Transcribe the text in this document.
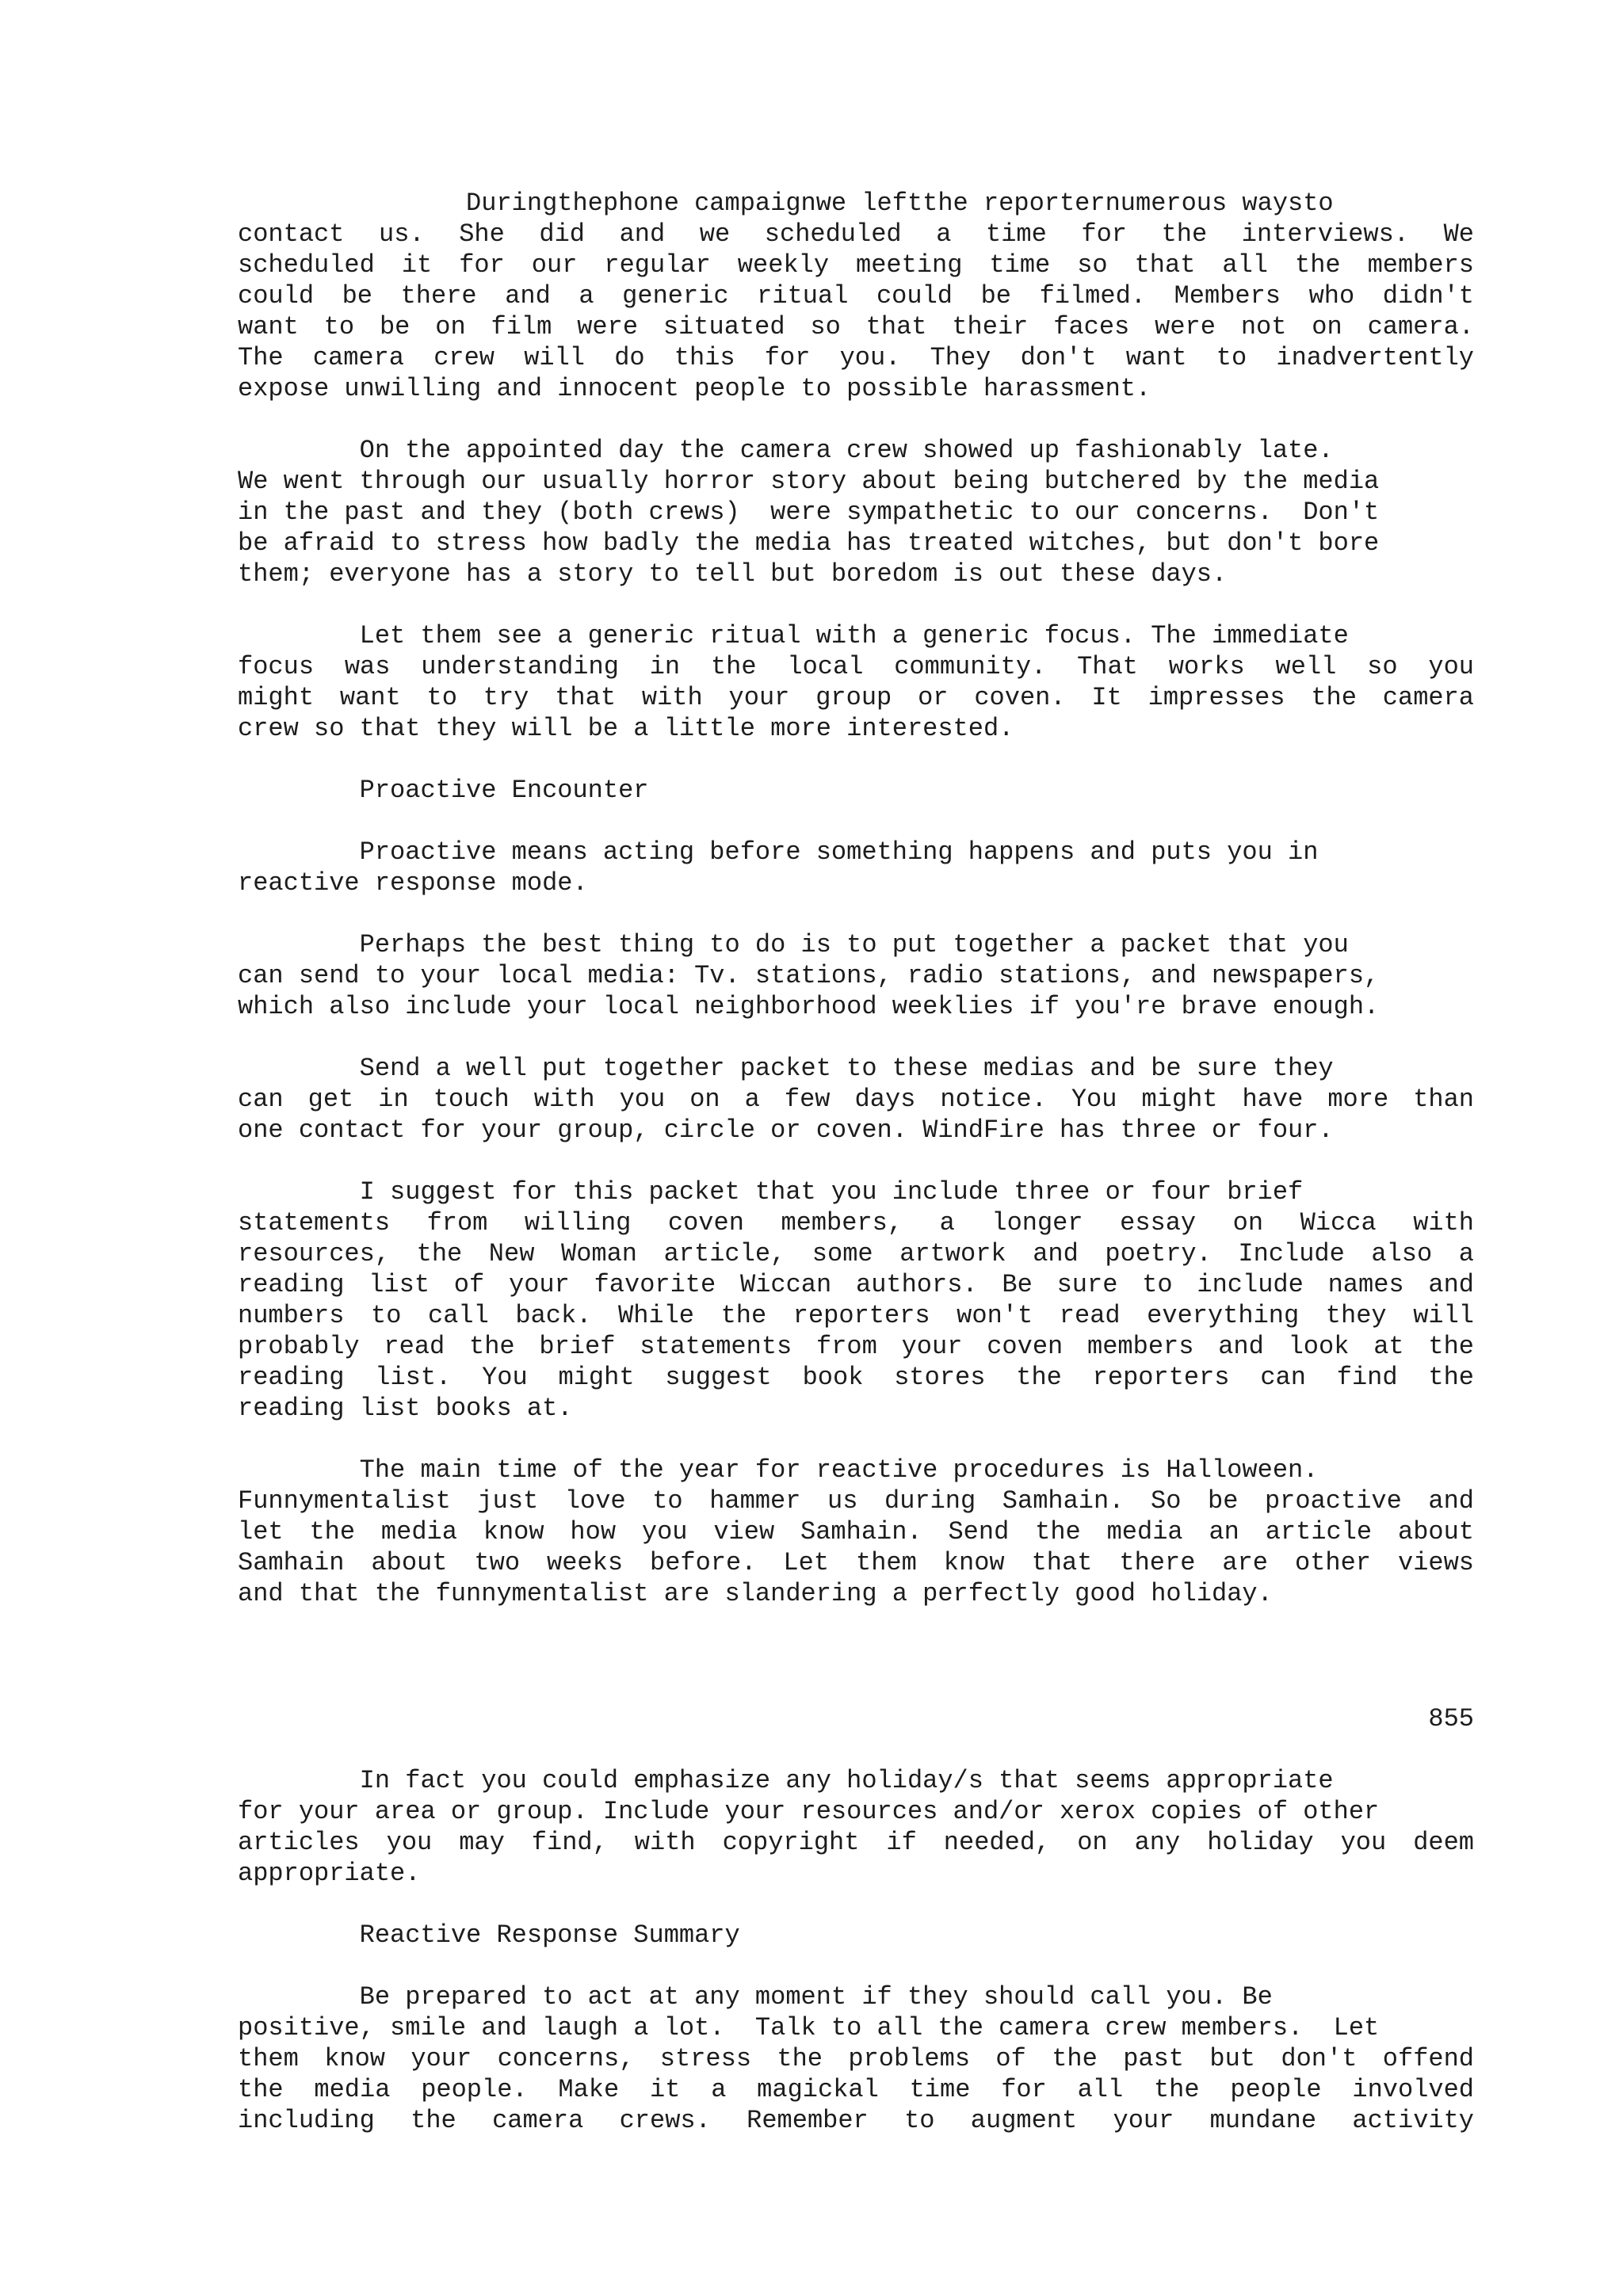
Duringthephone campaignwe leftthe reporternumerous waysto
contact us. She did and we scheduled a time for the interviews. We
scheduled it for our regular weekly meeting time so that all the members
could be there and a generic ritual could be filmed. Members who didn't
want to be on film were situated so that their faces were not on camera.
The camera crew will do this for you. They don't want to inadvertently
expose unwilling and innocent people to possible harassment.
On the appointed day the camera crew showed up fashionably late.
We went through our usually horror story about being butchered by the media
in the past and they (both crews)  were sympathetic to our concerns.  Don't
be afraid to stress how badly the media has treated witches, but don't bore
them; everyone has a story to tell but boredom is out these days.
Let them see a generic ritual with a generic focus. The immediate
focus was understanding in the local community. That works well so you
might want to try that with your group or coven. It impresses the camera
crew so that they will be a little more interested.
Proactive Encounter
Proactive means acting before something happens and puts you in
reactive response mode.
Perhaps the best thing to do is to put together a packet that you
can send to your local media: Tv. stations, radio stations, and newspapers,
which also include your local neighborhood weeklies if you're brave enough.
Send a well put together packet to these medias and be sure they
can get in touch with you on a few days notice. You might have more than
one contact for your group, circle or coven. WindFire has three or four.
I suggest for this packet that you include three or four brief
statements from willing coven members, a longer essay on Wicca with
resources, the New Woman article, some artwork and poetry. Include also a
reading list of your favorite Wiccan authors. Be sure to include names and
numbers to call back. While the reporters won't read everything they will
probably read the brief statements from your coven members and look at the
reading list. You might suggest book stores the reporters can find the
reading list books at.
The main time of the year for reactive procedures is Halloween.
Funnymentalist just love to hammer us during Samhain. So be proactive and
let the media know how you view Samhain. Send the media an article about
Samhain about two weeks before. Let them know that there are other views
and that the funnymentalist are slandering a perfectly good holiday.
855
In fact you could emphasize any holiday/s that seems appropriate
for your area or group. Include your resources and/or xerox copies of other
articles you may find, with copyright if needed, on any holiday you deem
appropriate.
Reactive Response Summary
Be prepared to act at any moment if they should call you. Be
positive, smile and laugh a lot.  Talk to all the camera crew members.  Let
them know your concerns, stress the problems of the past but don't offend
the media people. Make it a magickal time for all the people involved
including the camera crews. Remember to augment your mundane activity
